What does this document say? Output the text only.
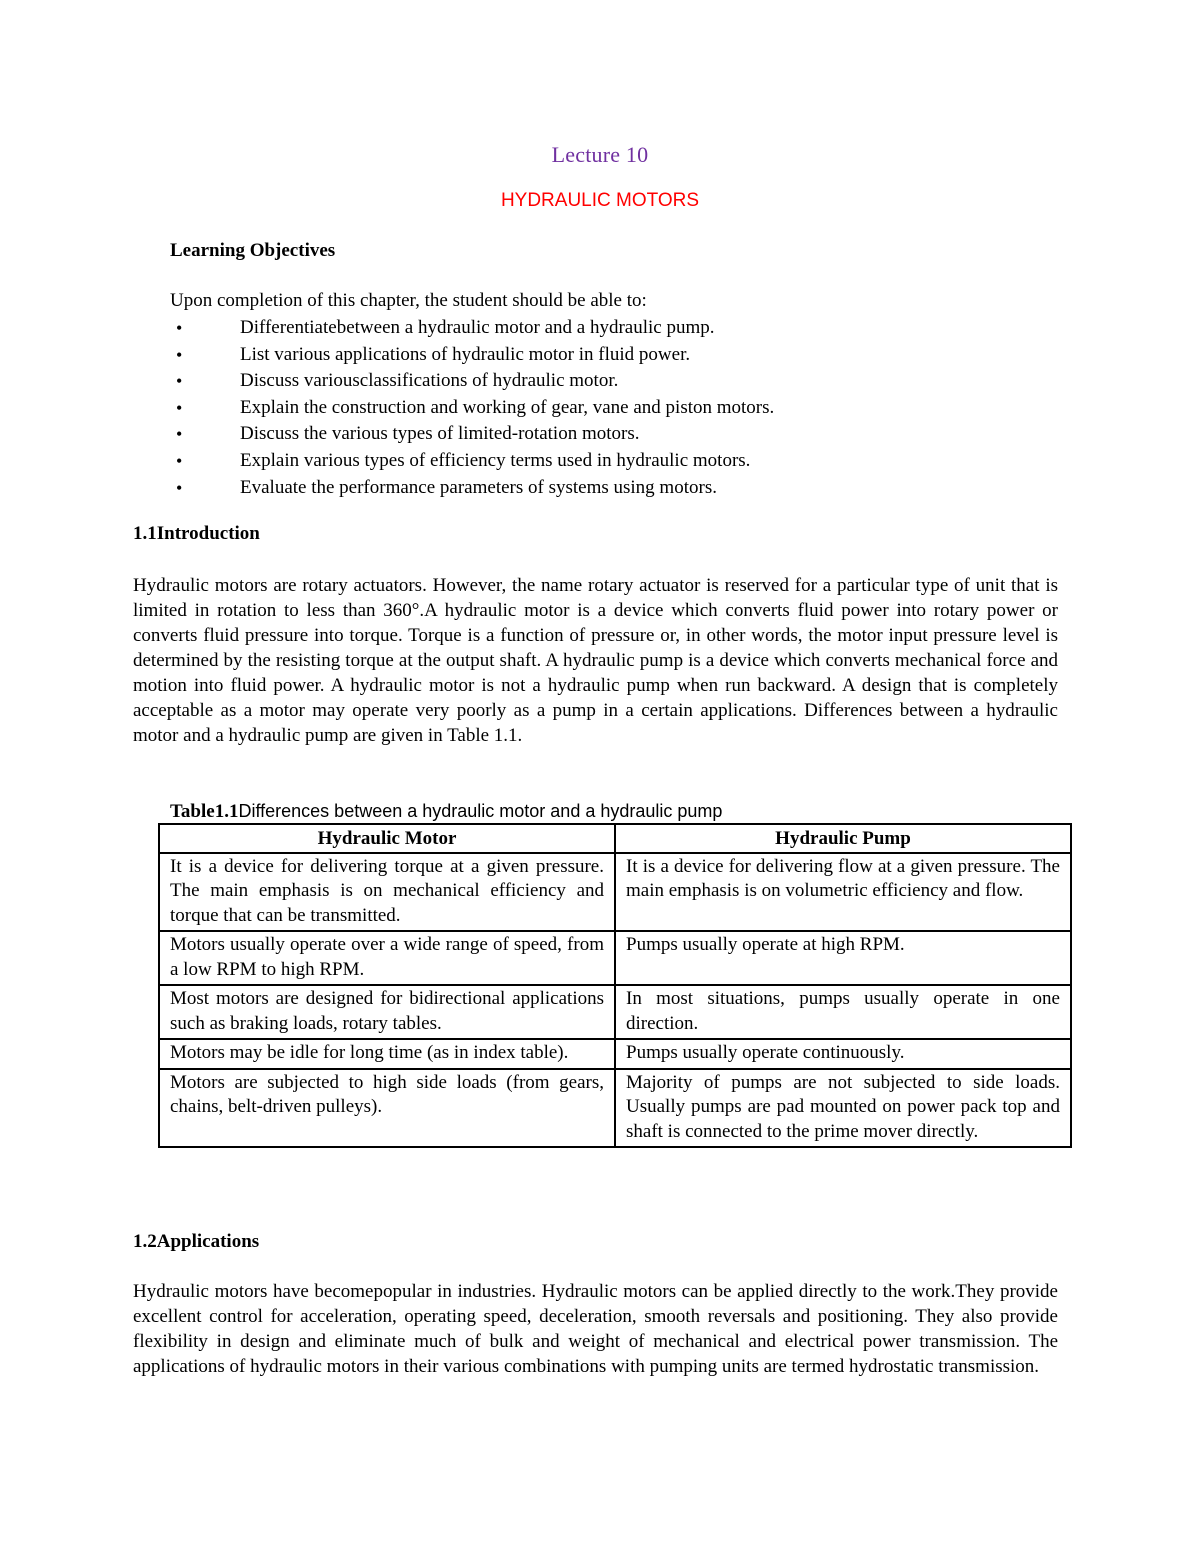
Lecture 10
HYDRAULIC MOTORS
Learning Objectives
Upon completion of this chapter, the student should be able to:
•	Differentiatebetween a hydraulic motor and a hydraulic pump.
•	List various applications of hydraulic motor in fluid power.
•	Discuss variousclassifications of hydraulic motor.
•	Explain the construction and working of gear, vane and piston motors.
•	Discuss the various types of limited-rotation motors.
•	Explain various types of efficiency terms used in hydraulic motors.
•	Evaluate the performance parameters of systems using motors.
1.1Introduction

Hydraulic motors are rotary actuators. However, the name rotary actuator is reserved for a particular type of unit that is limited in rotation to less than 360°.A hydraulic motor is a device which converts fluid power into rotary power or converts fluid pressure into torque. Torque is a function of pressure or, in other words, the motor input pressure level is determined by the resisting torque at the output shaft. A hydraulic pump is a device which converts mechanical force and motion into fluid power. A hydraulic motor is not a hydraulic pump when run backward. A design that is completely acceptable as a motor may operate very poorly as a pump in a certain applications. Differences between a hydraulic motor and a hydraulic pump are given in Table 1.1.

Table1.1Differences between a hydraulic motor and a hydraulic pump
Hydraulic Motor	Hydraulic Pump
It is a device for delivering torque at a given pressure. The main emphasis is on mechanical efficiency and torque that can be transmitted.	It is a device for delivering flow at a given pressure. The main emphasis is on volumetric efficiency and flow.
Motors usually operate over a wide range of speed, from a low RPM to high RPM.	Pumps usually operate at high RPM.
Most motors are designed for bidirectional applications such as braking loads, rotary tables.	In most situations, pumps usually operate in one direction.
Motors may be idle for long time (as in index table).	Pumps usually operate continuously.
Motors are subjected to high side loads (from gears, chains, belt-driven pulleys).	Majority of pumps are not subjected to side loads. Usually pumps are pad mounted on power pack top and shaft is connected to the prime mover directly.
1.2Applications

Hydraulic motors have becomepopular in industries. Hydraulic motors can be applied directly to the work.They provide excellent control for acceleration, operating speed, deceleration, smooth reversals and positioning. They also provide flexibility in design and eliminate much of bulk and weight of mechanical and electrical power transmission. The applications of hydraulic motors in their various combinations with pumping units are termed hydrostatic transmission.
